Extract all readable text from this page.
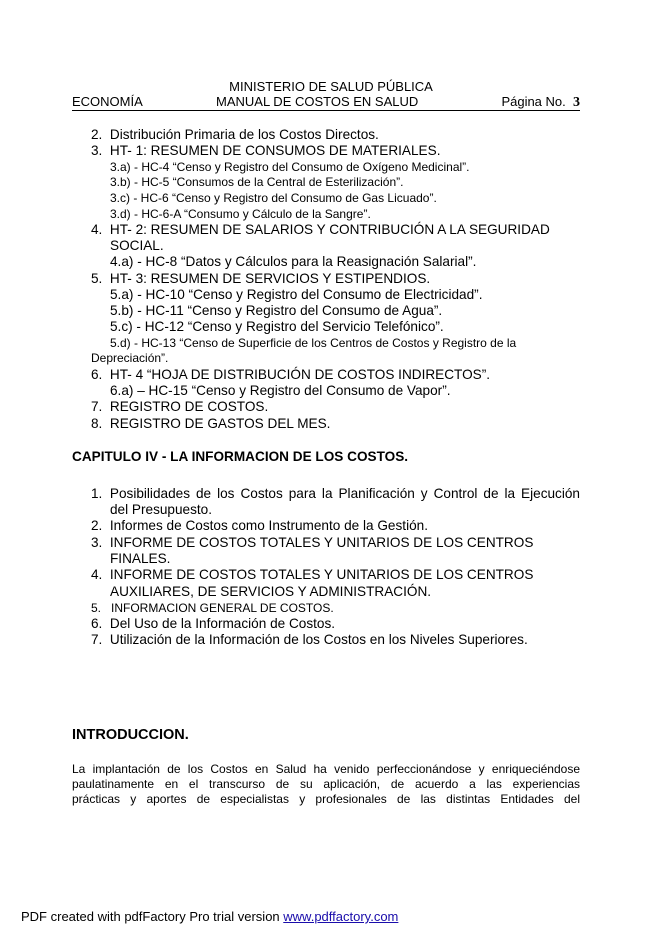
MINISTERIO DE SALUD PÚBLICA
ECONOMÍA	MANUAL DE COSTOS EN SALUD	Página No. 3
2.  Distribución Primaria de los Costos Directos.
3.  HT- 1: RESUMEN DE CONSUMOS DE MATERIALES.
3.a) - HC-4 “Censo y Registro del Consumo de Oxígeno Medicinal”.
3.b) - HC-5 “Consumos de la Central de Esterilización”.
3.c) - HC-6 “Censo y Registro del Consumo de Gas Licuado”.
3.d) - HC-6-A “Consumo y Cálculo de la Sangre”.
4.  HT- 2: RESUMEN DE SALARIOS Y CONTRIBUCIÓN A LA SEGURIDAD
SOCIAL.
4.a) - HC-8 “Datos y Cálculos para la Reasignación Salarial”.
5.  HT- 3: RESUMEN DE SERVICIOS Y ESTIPENDIOS.
5.a) - HC-10 “Censo y Registro del Consumo de Electricidad”.
5.b) - HC-11 “Censo y Registro del Consumo de Agua”.
5.c) - HC-12 “Censo y Registro del Servicio Telefónico”.
5.d) - HC-13 “Censo de Superficie de los Centros de Costos y Registro de la
Depreciación”.
6.  HT- 4 “HOJA DE DISTRIBUCIÓN DE COSTOS INDIRECTOS”.
6.a) – HC-15 “Censo y Registro del Consumo de Vapor”.
7.  REGISTRO DE COSTOS.
8.  REGISTRO DE GASTOS DEL MES.
CAPITULO IV - LA INFORMACION DE LOS COSTOS.
1.  Posibilidades de los Costos para la Planificación y Control de la Ejecución
del Presupuesto.
2.  Informes de Costos como Instrumento de la Gestión.
3.  INFORME DE COSTOS TOTALES Y UNITARIOS DE LOS CENTROS
FINALES.
4.  INFORME DE COSTOS TOTALES Y UNITARIOS DE LOS CENTROS
AUXILIARES, DE SERVICIOS Y ADMINISTRACIÓN.
5.   INFORMACION GENERAL DE COSTOS.
6.  Del Uso de la Información de Costos.
7.  Utilización de la Información de los Costos en los Niveles Superiores.
INTRODUCCION.
La implantación de los Costos en Salud ha venido perfeccionándose y enriqueciéndose
paulatinamente en el transcurso de su aplicación, de acuerdo a las experiencias
prácticas y aportes de especialistas y profesionales de las distintas Entidades del
PDF created with pdfFactory Pro trial version www.pdffactory.com
